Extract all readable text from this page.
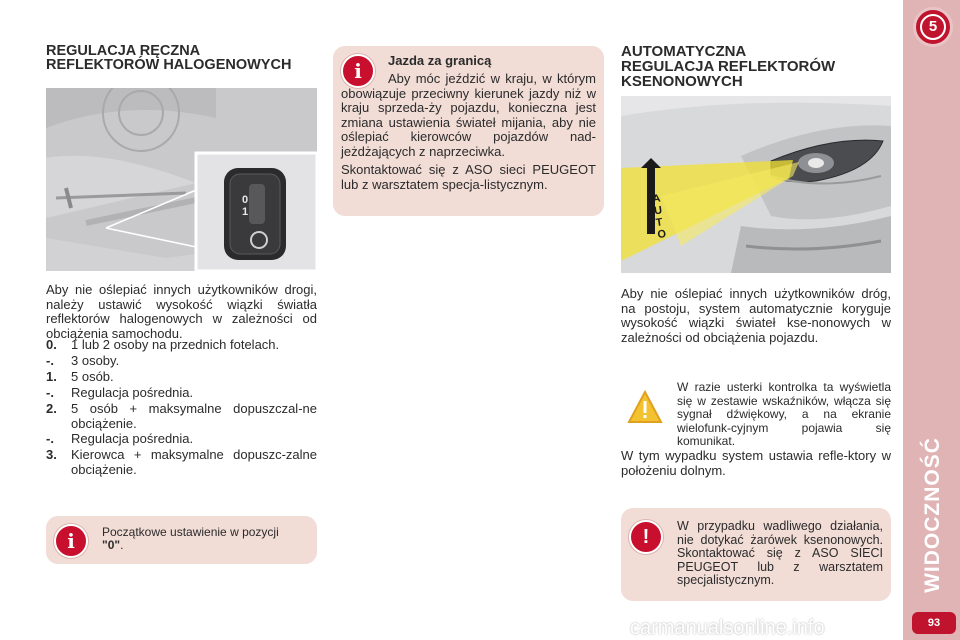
5
WIDOCZNOŚĆ
93
REGULACJA RĘCZNA
REFLEKTORÓW HALOGENOWYCH
0
1
Aby nie oślepiać innych użytkowników drogi, należy ustawić wysokość wiązki światła reflektorów halogenowych w zależności od obciążenia samochodu.
0. 1 lub 2 osoby na przednich fotelach.
-. 3 osoby.
1. 5 osób.
-. Regulacja pośrednia.
2. 5 osób + maksymalne dopuszczal-ne obciążenie.
-. Regulacja pośrednia.
3. Kierowca + maksymalne dopuszc-zalne obciążenie.
i	Początkowe ustawienie w pozycji
"0".
i	Jazda za granicą
Aby móc jeździć w kraju, w którym obowiązuje przeciwny kierunek jazdy niż w kraju sprzeda-ży pojazdu, konieczna jest zmiana ustawienia świateł mijania, aby nie oślepiać kierowców pojazdów nad-jeżdżających z naprzeciwka.
Skontaktować się z ASO sieci PEUGEOT lub z warsztatem specja-listycznym.
AUTOMATYCZNA
REGULACJA REFLEKTORÓW
KSENONOWYCH
A
U
T
O
Aby nie oślepiać innych użytkowników dróg, na postoju, system automatycznie koryguje wysokość wiązki świateł kse-nonowych w zależności od obciążenia pojazdu.
W razie usterki kontrolka ta wyświetla się w zestawie wskaźników, włącza się sygnał dźwiękowy, a na ekranie wielofunk-cyjnym pojawia się komunikat.
W tym wypadku system ustawia refle-ktory w położeniu dolnym.
!	W przypadku wadliwego działania, nie dotykać żarówek ksenonowych. Skontaktować się z ASO SIECI PEUGEOT lub z warsztatem specjalistycznym.
carmanualsonline.info
